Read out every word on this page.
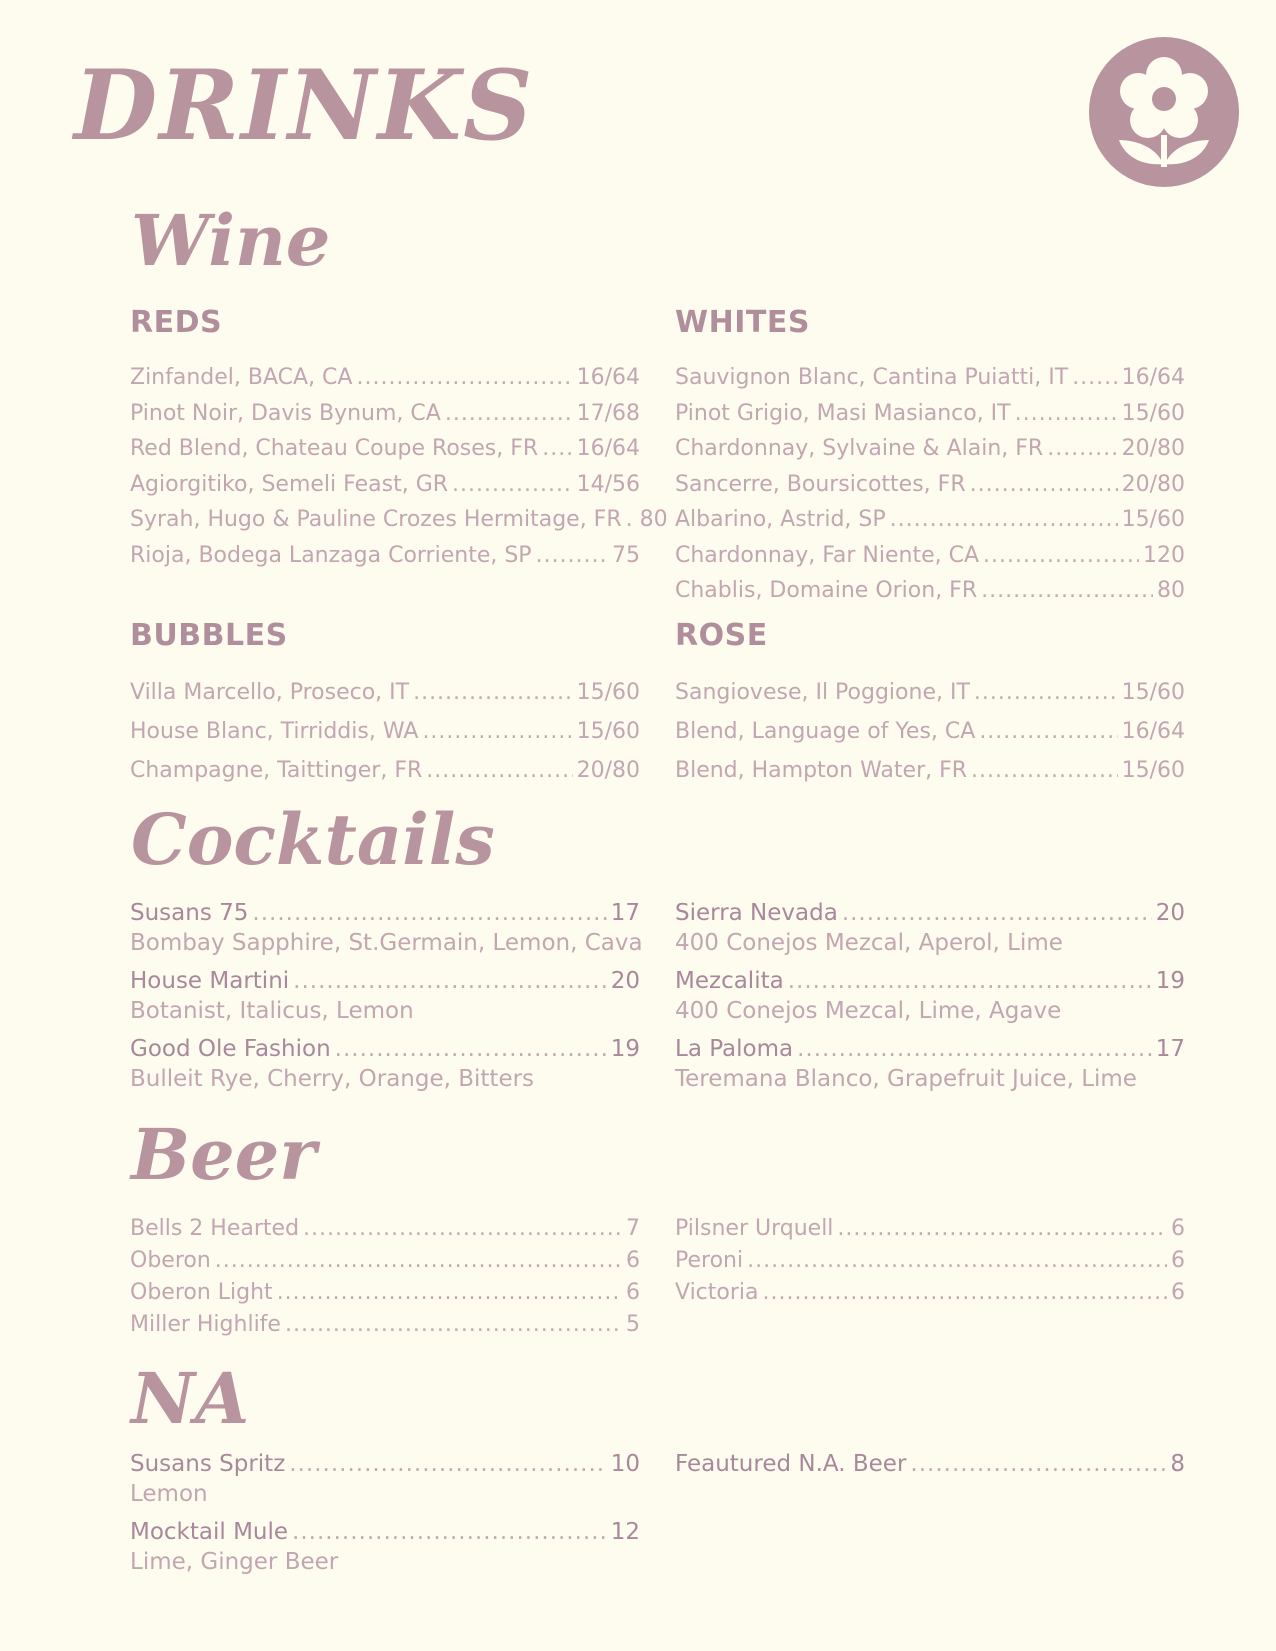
DRINKS
Wine
REDS
Zinfandel, BACA, CA .....	16/64
Pinot Noir, Davis Bynum, CA .....	17/68
Red Blend, Chateau Coupe Roses, FR ..... 16/64
Agiorgitiko, Semeli Feast, GR .....	14/56
Syrah, Hugo & Pauline Crozes Hermitage, FR ..... 80
Rioja, Bodega Lanzaga Corriente, SP .....	75
WHITES
Sauvignon Blanc, Cantina Puiatti, IT ..... 16/64
Pinot Grigio, Masi Masianco, IT .....	15/60
Chardonnay, Sylvaine & Alain, FR .....	20/80
Sancerre, Boursicottes, FR .....	20/80
Albarino, Astrid, SP .....	15/60
Chardonnay, Far Niente, CA .....	120
Chablis, Domaine Orion, FR .....	80
BUBBLES
Villa Marcello, Proseco, IT .....	15/60
House Blanc, Tirriddis, WA .....	15/60
Champagne, Taittinger, FR .....	20/80
ROSE
Sangiovese, Il Poggione, IT .....	15/60
Blend, Language of Yes, CA .....	16/64
Blend, Hampton Water, FR .....	15/60
Cocktails
Susans 75 .....	17
Bombay Sapphire, St.Germain, Lemon, Cava
House Martini .....	20
Botanist, Italicus, Lemon
Good Ole Fashion .....	19
Bulleit Rye, Cherry, Orange, Bitters
Sierra Nevada .....	20
400 Conejos Mezcal, Aperol, Lime
Mezcalita .....	19
400 Conejos Mezcal, Lime, Agave
La Paloma .....	17
Teremana Blanco, Grapefruit Juice, Lime
Beer
Bells 2 Hearted .....	7
Oberon .....	6
Oberon Light .....	6
Miller Highlife .....	5
Pilsner Urquell .....	6
Peroni .....	6
Victoria .....	6
NA
Susans Spritz .....	10
Lemon
Mocktail Mule .....	12
Lime, Ginger Beer
Feautured N.A. Beer .....	8
